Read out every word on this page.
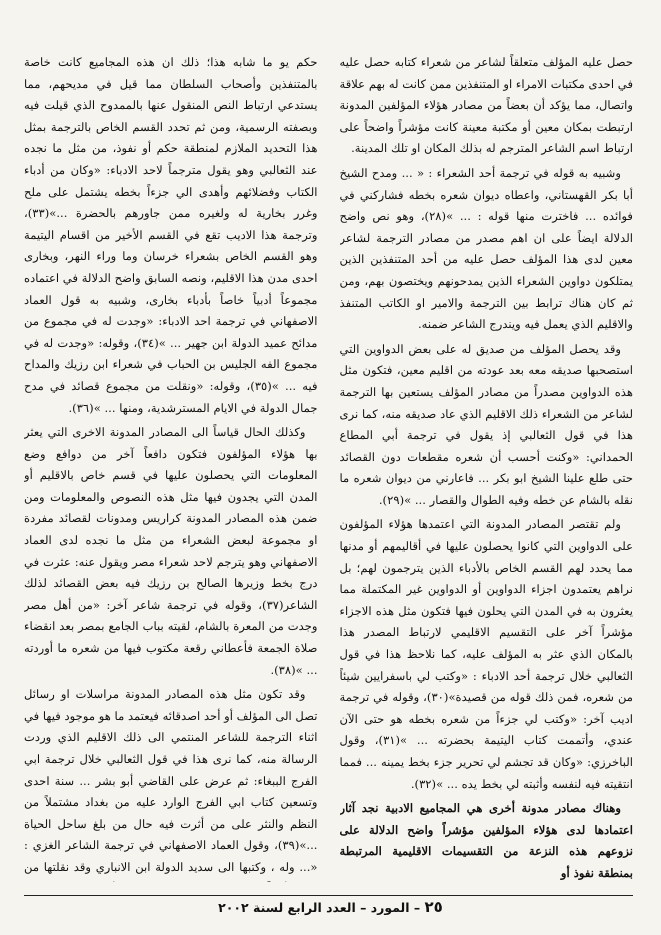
حصل عليه المؤلف متعلقاً لشاعر من شعراء كتابه حصل عليه في احدى مكتبات الامراء او المتنفذين ممن كانت له بهم علاقة واتصال، مما يؤكد أن بعضاً من مصادر هؤلاء المؤلفين المدونة ارتبطت بمكان معين أو مكتبة معينة كانت مؤشراً واضحاً على ارتباط اسم الشاعر المترجم له بذلك المكان او تلك المدينة.

وشبيه به قوله في ترجمة أحد الشعراء : « ... ومدح الشيخ أبا بكر القهستاني، واعطاه ديوان شعره بخطه فشاركني في فوائده ... فاخترت منها قوله : ... »(٢٨)، وهو نص واضح الدلالة ايضاً على ان اهم مصدر من مصادر الترجمة لشاعر معين لدى هذا المؤلف حصل عليه من أحد المتنفذين الذين يمتلكون دواوين الشعراء الذين يمدحونهم ويختصون بهم، ومن ثم كان هناك ترابط بين الترجمة والامير او الكاتب المتنفذ والاقليم الذي يعمل فيه ويندرج الشاعر ضمنه.

وقد يحصل المؤلف من صديق له على بعض الدواوين التي استصحبها صديقه معه بعد عودته من اقليم معين، فتكون مثل هذه الدواوين مصدراً من مصادر المؤلف يستعين بها الترجمة لشاعر من الشعراء ذلك الاقليم الذي عاد صديقه منه، كما نرى هذا في قول الثعالبي إذ يقول في ترجمة أبي المطاع الحمداني: «وكنت أحسب أن شعره مقطعات دون القصائد حتى طلع علينا الشيخ ابو بكر ... فاعارني من ديوان شعره ما نقله بالشام عن خطه وفيه الطوال والقصار ... »(٢٩).

ولم تقتصر المصادر المدونة التي اعتمدها هؤلاء المؤلفون على الدواوين التي كانوا يحصلون عليها في أقاليمهم أو مدنها مما يحدد لهم القسم الخاص بالأدباء الذين يترجمون لهم؛ بل نراهم يعتمدون اجزاء الدواوين أو الدواوين غير المكتملة مما يعثرون به في المدن التي يحلون فيها فتكون مثل هذه الاجزاء مؤشراً آخر على التقسيم الاقليمي لارتباط المصدر هذا بالمكان الذي عثر به المؤلف عليه، كما نلاحظ هذا في قول الثعالبي خلال ترجمة أحد الادباء : «وكتب لي باسفرايين شيئاً من شعره، فمن ذلك قوله من قصيدة»(٣٠)، وقوله في ترجمة اديب آخر: «وكتب لي جزءاً من شعره بخطه هو حتى الآن عندي، وأتممت كتاب اليتيمة بحضرته ... »(٣١)، وقول الباخرزي: «وكان قد تجشم لي تحرير جزء بخط يمينه ... فمما انتقيته فيه لنفسه وأثبته لي بخط يده ... »(٣٢).

وهناك مصادر مدونة أخرى هي المجاميع الادبية نجد آثار اعتمادها لدى هؤلاء المؤلفين مؤشراً واضح الدلالة على نزوعهم هذه النزعة من التقسيمات الاقليمية المرتبطة بمنطقة نفوذ أو

حكم يو ما شابه هذا؛ ذلك ان هذه المجاميع كانت خاصة بالمتنفذين وأصحاب السلطان مما قيل في مديحهم، مما يستدعي ارتباط النص المنقول عنها بالممدوح الذي قيلت فيه وبصفته الرسمية، ومن ثم تحدد القسم الخاص بالترجمة بمثل هذا التحديد الملازم لمنطقة حكم أو نفوذ، من مثل ما نجده عند الثعالبي وهو يقول مترجماً لاحد الادباء: «وكان من أدباء الكتاب وفضلائهم وأهدى الي جزءاً بخطه يشتمل على ملح وغرر بخارية له ولغيره ممن جاورهم بالحضرة ...»(٣٣)، وترجمة هذا الاديب تقع في القسم الأخير من اقسام اليتيمة وهو القسم الخاص بشعراء خرسان وما وراء النهر، وبخارى احدى مدن هذا الاقليم، ونصه السابق واضح الدلالة في اعتماده مجموعاً أدبياً خاصاً بأدباء بخارى، وشبيه به قول العماد الاصفهاني في ترجمة احد الادباء: «وجدت له في مجموع من مدائح عميد الدولة ابن جهير ... »(٣٤)، وقوله: «وجدت له في مجموع الفه الجليس بن الحباب في شعراء ابن رزيك والمداح فيه ... »(٣٥)، وقوله: «ونقلت من مجموع قصائد في مدح جمال الدولة في الايام المسترشدية، ومنها ... »(٣٦).

وكذلك الحال قياساً الى المصادر المدونة الاخرى التي يعثر بها هؤلاء المؤلفون فتكون دافعاً آخر من دوافع وضع المعلومات التي يحصلون عليها في قسم خاص بالاقليم أو المدن التي يجدون فيها مثل هذه النصوص والمعلومات ومن ضمن هذه المصادر المدونة كراريس ومدونات لقصائد مفردة او مجموعة لبعض الشعراء من مثل ما نجده لدى العماد الاصفهاني وهو يترجم لاحد شعراء مصر ويقول عنه: عثرت في درج بخط وزيرها الصالح بن رزيك فيه بعض القصائد لذلك الشاعر(٣٧)، وقوله في ترجمة شاعر آخر: «من أهل مصر وجدت من المعرة بالشام، لقيته بباب الجامع بمصر بعد انقضاء صلاة الجمعة فأعطاني رقعة مكتوب فيها من شعره ما أوردته ... »(٣٨).

وقد تكون مثل هذه المصادر المدونة مراسلات او رسائل تصل الى المؤلف أو أحد اصدقائه فيعتمد ما هو موجود فيها في اثناء الترجمة للشاعر المنتمي الى ذلك الاقليم الذي وردت الرسالة منه، كما نرى هذا في قول الثعالبي خلال ترجمة ابي الفرج الببغاء: ثم عرض على القاضي أبو بشر ... سنة احدى وتسعين كتاب ابي الفرج الوارد عليه من بغداد مشتملاً من النظم والنثر على من أثرت فيه حال من بلغ ساحل الحياة ...»(٣٩)، وقول العماد الاصفهاني في ترجمة الشاعر الغزي : «... وله ، وكتبها الى سديد الدولة ابن الانباري وقد نقلتها من

٢٥ – المورد – العدد الرابع لسنة ٢٠٠٢
